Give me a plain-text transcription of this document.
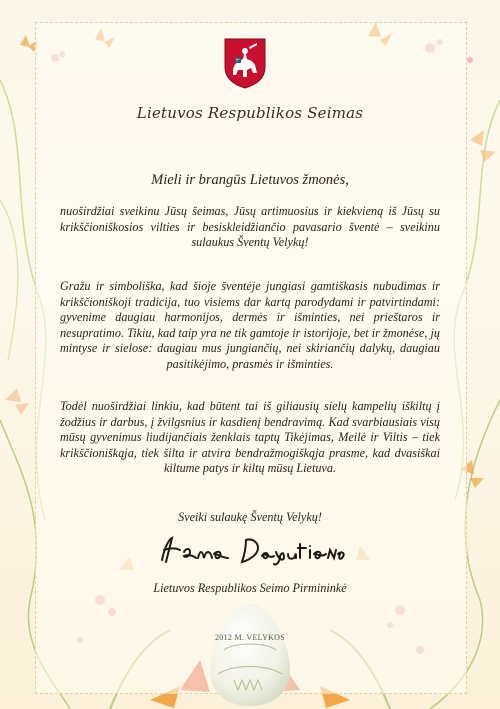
Lietuvos Respublikos Seimas
Mieli ir brangūs Lietuvos žmonės,

nuoširdžiai sveikinu Jūsų šeimas, Jūsų artimuosius ir kiekvieną iš Jūsų su krikščioniškosios vilties ir besiskleidžiančio pavasario šventė – sveikinu sulaukus Šventų Velykų!

Gražu ir simboliška, kad šioje šventėje jungiasi gamtiškasis nubudimas ir krikščioniškoji tradicija, tuo visiems dar kartą parodydami ir patvirtindami: gyvenime daugiau harmonijos, dermės ir išminties, nei prieštaros ir nesupratimo. Tikiu, kad taip yra ne tik gamtoje ir istorijoje, bet ir žmonėse, jų mintyse ir sielose: daugiau mus jungiančių, nei skiriančių dalykų, daugiau pasitikėjimo, prasmės ir išminties.

Todėl nuoširdžiai linkiu, kad būtent tai iš giliausių sielų kampelių iškiltų į žodžius ir darbus, į žvilgsnius ir kasdienį bendravimą. Kad svarbiausiais visų mūsų gyvenimus liudijančiais ženklais taptų Tikėjimas, Meilė ir Viltis – tiek krikščioniškąja, tiek šilta ir atvira bendražmogiškąja prasme, kad dvasiškai kiltume patys ir kiltų mūsų Lietuva.

Sveiki sulaukę Šventų Velykų!
Lietuvos Respublikos Seimo Pirmininkė
2012 M. VELYKOS
